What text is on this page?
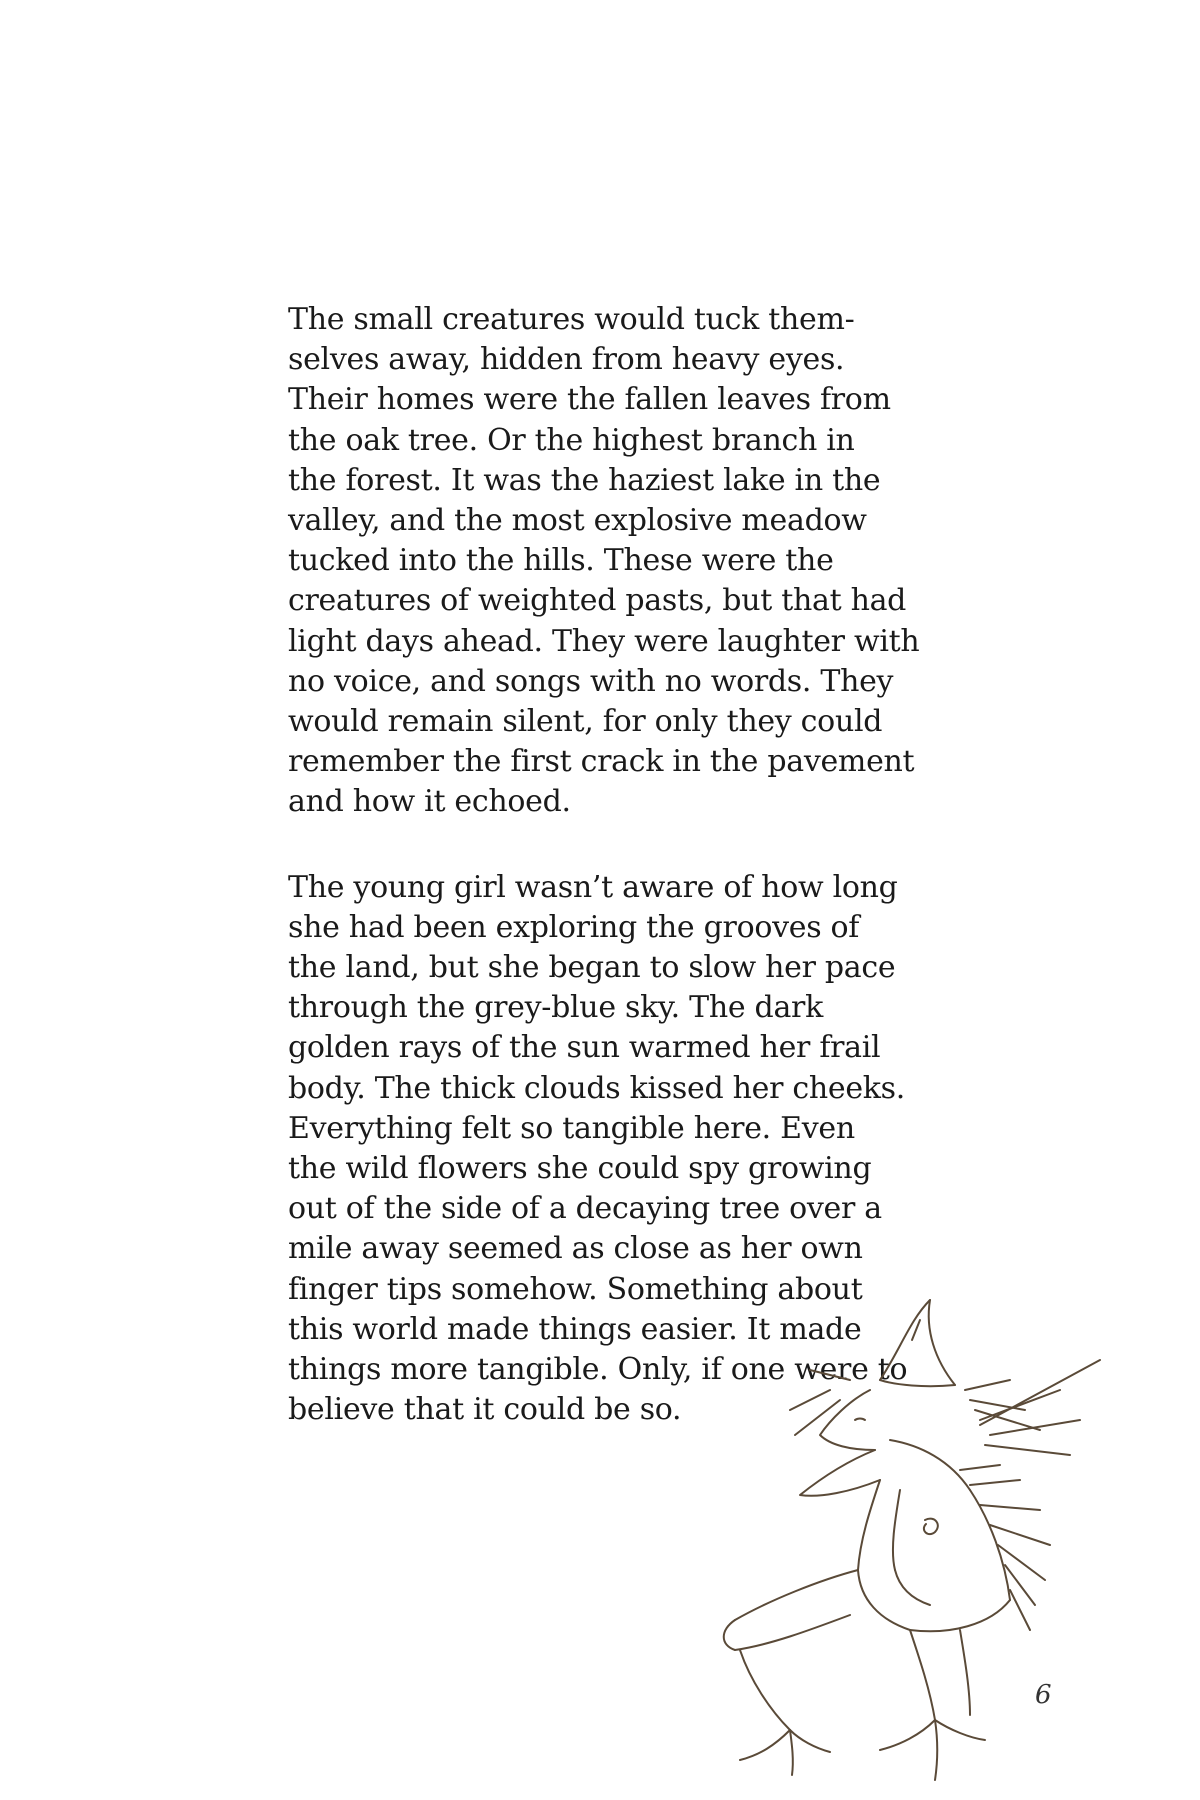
The small creatures would tuck them-
selves away, hidden from heavy eyes.
Their homes were the fallen leaves from
the oak tree. Or the highest branch in
the forest. It was the haziest lake in the
valley, and the most explosive meadow
tucked into the hills. These were the
creatures of weighted pasts, but that had
light days ahead. They were laughter with
no voice, and songs with no words. They
would remain silent, for only they could
remember the first crack in the pavement
and how it echoed.

The young girl wasn’t aware of how long
she had been exploring the grooves of
the land, but she began to slow her pace
through the grey-blue sky. The dark
golden rays of the sun warmed her frail
body. The thick clouds kissed her cheeks.
Everything felt so tangible here. Even
the wild flowers she could spy growing
out of the side of a decaying tree over a
mile away seemed as close as her own
finger tips somehow. Something about
this world made things easier. It made
things more tangible. Only, if one were to
believe that it could be so.

6
